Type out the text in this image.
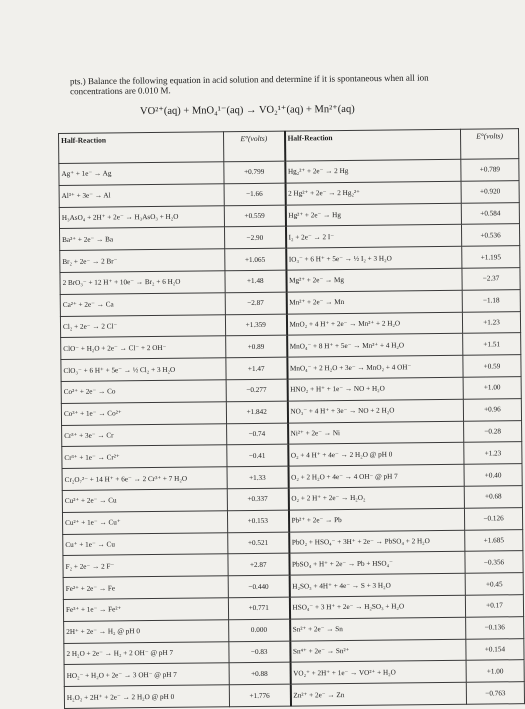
pts.) Balance the following equation in acid solution and determine if it is spontaneous when all ion
concentrations are 0.010 M.
VO²⁺(aq) + MnO₄¹⁻(aq) → VO₂¹⁺(aq) + Mn²⁺(aq)
Half-Reaction	E°(volts)	Half-Reaction	E°(volts)
Ag⁺ + 1e⁻ → Ag	+0.799	Hg₂²⁺ + 2e⁻ → 2 Hg	+0.789
Al³⁺ + 3e⁻ → Al	−1.66	2 Hg²⁺ + 2e⁻ → 2 Hg₂²⁺	+0.920
H₃AsO₄ + 2H⁺ + 2e⁻ → H₃AsO₃ + H₂O	+0.559	Hg²⁺ + 2e⁻ → Hg	+0.584
Ba²⁺ + 2e⁻ → Ba	−2.90	I₂ + 2e⁻ → 2 I⁻	+0.536
Br₂ + 2e⁻ → 2 Br⁻	+1.065	IO₃⁻ + 6 H⁺ + 5e⁻ → ½ I₂ + 3 H₂O	+1.195
2 BrO₃⁻ + 12 H⁺ + 10e⁻ → Br₂ + 6 H₂O	+1.48	Mg²⁺ + 2e⁻ → Mg	−2.37
Ca²⁺ + 2e⁻ → Ca	−2.87	Mn²⁺ + 2e⁻ → Mn	−1.18
Cl₂ + 2e⁻ → 2 Cl⁻	+1.359	MnO₂ + 4 H⁺ + 2e⁻ → Mn²⁺ + 2 H₂O	+1.23
ClO⁻ + H₂O + 2e⁻ → Cl⁻ + 2 OH⁻	+0.89	MnO₄⁻ + 8 H⁺ + 5e⁻ → Mn²⁺ + 4 H₂O	+1.51
ClO₃⁻ + 6 H⁺ + 5e⁻ → ½ Cl₂ + 3 H₂O	+1.47	MnO₄⁻ + 2 H₂O + 3e⁻ → MnO₂ + 4 OH⁻	+0.59
Co²⁺ + 2e⁻ → Co	−0.277	HNO₂ + H⁺ + 1e⁻ → NO + H₂O	+1.00
Co³⁺ + 1e⁻ → Co²⁺	+1.842	NO₃⁻ + 4 H⁺ + 3e⁻ → NO + 2 H₂O	+0.96
Cr³⁺ + 3e⁻ → Cr	−0.74	Ni²⁺ + 2e⁻ → Ni	−0.28
Cr³⁺ + 1e⁻ → Cr²⁺	−0.41	O₂ + 4 H⁺ + 4e⁻ → 2 H₂O @ pH 0	+1.23
Cr₂O₇²⁻ + 14 H⁺ + 6e⁻ → 2 Cr³⁺ + 7 H₂O	+1.33	O₂ + 2 H₂O + 4e⁻ → 4 OH⁻ @ pH 7	+0.40
Cu²⁺ + 2e⁻ → Cu	+0.337	O₂ + 2 H⁺ + 2e⁻ → H₂O₂	+0.68
Cu²⁺ + 1e⁻ → Cu⁺	+0.153	Pb²⁺ + 2e⁻ → Pb	−0.126
Cu⁺ + 1e⁻ → Cu	+0.521	PbO₂ + HSO₄⁻ + 3H⁺ + 2e⁻ → PbSO₄ + 2 H₂O	+1.685
F₂ + 2e⁻ → 2 F⁻	+2.87	PbSO₄ + H⁺ + 2e⁻ → Pb + HSO₄⁻	−0.356
Fe²⁺ + 2e⁻ → Fe	−0.440	H₂SO₃ + 4H⁺ + 4e⁻ → S + 3 H₂O	+0.45
Fe³⁺ + 1e⁻ → Fe²⁺	+0.771	HSO₄⁻ + 3 H⁺ + 2e⁻ → H₂SO₃ + H₂O	+0.17
2H⁺ + 2e⁻ → H₂ @ pH 0	0.000	Sn²⁺ + 2e⁻ → Sn	−0.136
2 H₂O + 2e⁻ → H₂ + 2 OH⁻ @ pH 7	−0.83	Sn⁴⁺ + 2e⁻ → Sn²⁺	+0.154
HO₂⁻ + H₂O + 2e⁻ → 3 OH⁻ @ pH 7	+0.88	VO₂⁺ + 2H⁺ + 1e⁻ → VO²⁺ + H₂O	+1.00
H₂O₂ + 2H⁺ + 2e⁻ → 2 H₂O @ pH 0	+1.776	Zn²⁺ + 2e⁻ → Zn	−0.763
